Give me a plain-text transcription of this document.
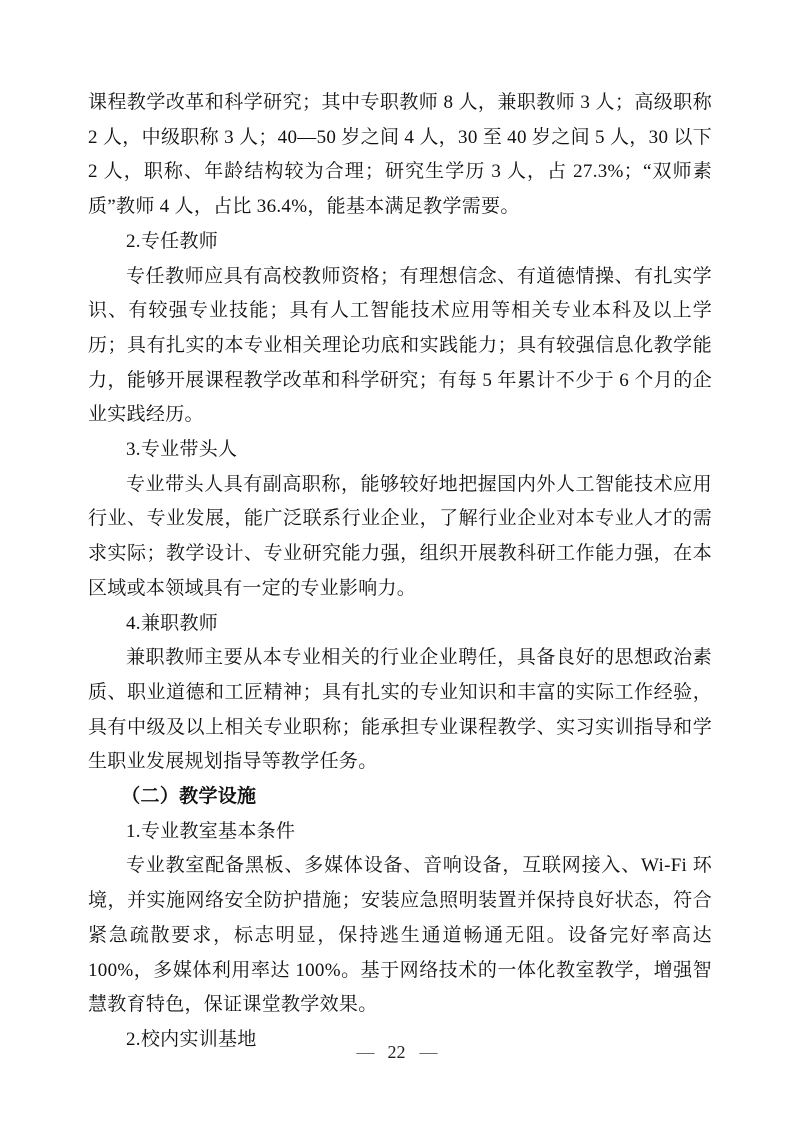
课程教学改革和科学研究；其中专职教师 8 人，兼职教师 3 人；高级职称 2 人，中级职称 3 人；40—50 岁之间 4 人，30 至 40 岁之间 5 人，30 以下 2 人，职称、年龄结构较为合理；研究生学历 3 人，占 27.3%；“双师素质”教师 4 人，占比 36.4%，能基本满足教学需要。

2.专任教师

专任教师应具有高校教师资格；有理想信念、有道德情操、有扎实学识、有较强专业技能；具有人工智能技术应用等相关专业本科及以上学历；具有扎实的本专业相关理论功底和实践能力；具有较强信息化教学能力，能够开展课程教学改革和科学研究；有每 5 年累计不少于 6 个月的企业实践经历。

3.专业带头人

专业带头人具有副高职称，能够较好地把握国内外人工智能技术应用行业、专业发展，能广泛联系行业企业，了解行业企业对本专业人才的需求实际；教学设计、专业研究能力强，组织开展教科研工作能力强，在本区域或本领域具有一定的专业影响力。

4.兼职教师

兼职教师主要从本专业相关的行业企业聘任，具备良好的思想政治素质、职业道德和工匠精神；具有扎实的专业知识和丰富的实际工作经验，具有中级及以上相关专业职称；能承担专业课程教学、实习实训指导和学生职业发展规划指导等教学任务。

（二）教学设施

1.专业教室基本条件

专业教室配备黑板、多媒体设备、音响设备，互联网接入、Wi-Fi 环境，并实施网络安全防护措施；安装应急照明装置并保持良好状态，符合紧急疏散要求，标志明显，保持逃生通道畅通无阻。设备完好率高达 100%，多媒体利用率达 100%。基于网络技术的一体化教室教学，增强智慧教育特色，保证课堂教学效果。

2.校内实训基地

— 22 —
